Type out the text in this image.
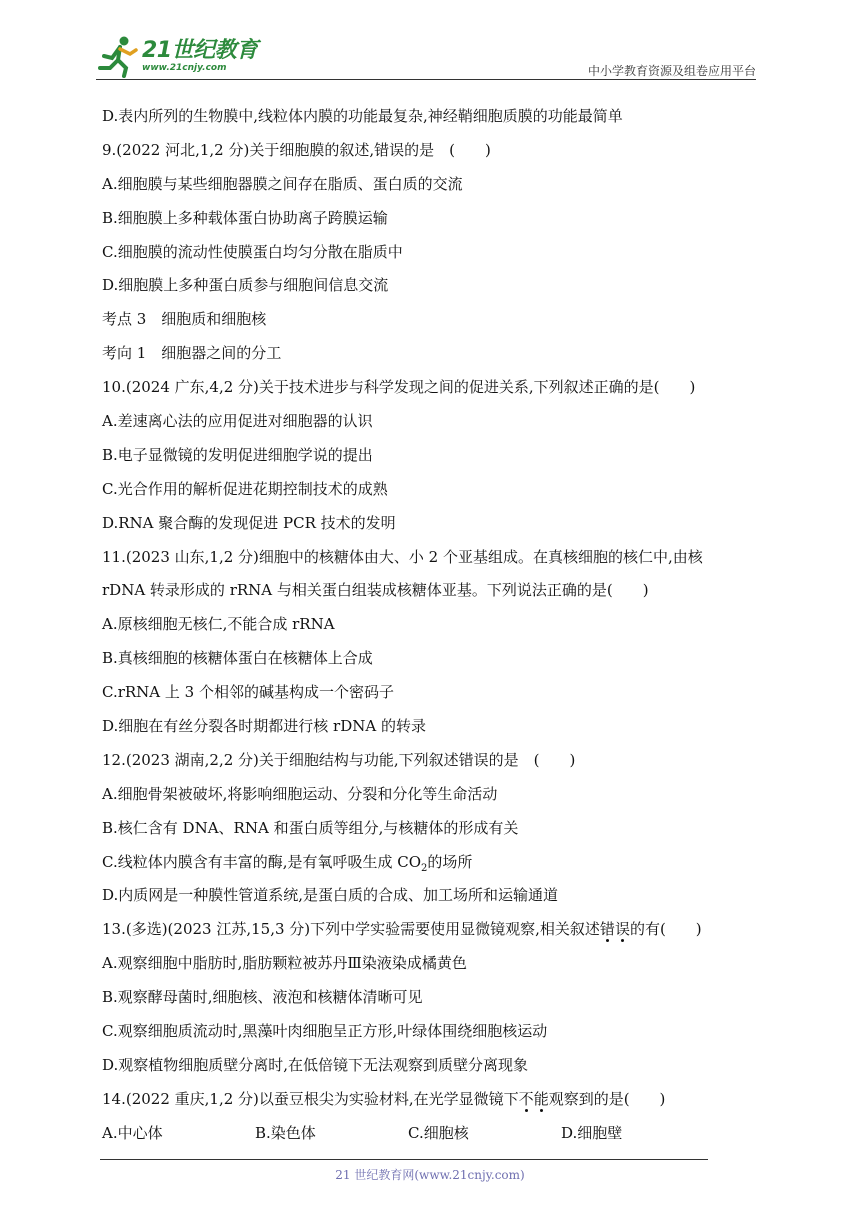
21世纪教育
www.21cnjy.com	中小学教育资源及组卷应用平台
D.表内所列的生物膜中,线粒体内膜的功能最复杂,神经鞘细胞质膜的功能最简单
9.(2022 河北,1,2 分)关于细胞膜的叙述,错误的是　(　　)
A.细胞膜与某些细胞器膜之间存在脂质、蛋白质的交流
B.细胞膜上多种载体蛋白协助离子跨膜运输
C.细胞膜的流动性使膜蛋白均匀分散在脂质中
D.细胞膜上多种蛋白质参与细胞间信息交流
考点 3　细胞质和细胞核
考向 1　细胞器之间的分工
10.(2024 广东,4,2 分)关于技术进步与科学发现之间的促进关系,下列叙述正确的是(　　)
A.差速离心法的应用促进对细胞器的认识
B.电子显微镜的发明促进细胞学说的提出
C.光合作用的解析促进花期控制技术的成熟
D.RNA 聚合酶的发现促进 PCR 技术的发明
11.(2023 山东,1,2 分)细胞中的核糖体由大、小 2 个亚基组成。在真核细胞的核仁中,由核
rDNA 转录形成的 rRNA 与相关蛋白组装成核糖体亚基。下列说法正确的是(　　)
A.原核细胞无核仁,不能合成 rRNA
B.真核细胞的核糖体蛋白在核糖体上合成
C.rRNA 上 3 个相邻的碱基构成一个密码子
D.细胞在有丝分裂各时期都进行核 rDNA 的转录
12.(2023 湖南,2,2 分)关于细胞结构与功能,下列叙述错误的是　(　　)
A.细胞骨架被破坏,将影响细胞运动、分裂和分化等生命活动
B.核仁含有 DNA、RNA 和蛋白质等组分,与核糖体的形成有关
C.线粒体内膜含有丰富的酶,是有氧呼吸生成 $CO_2$的场所
D.内质网是一种膜性管道系统,是蛋白质的合成、加工场所和运输通道
13.(多选)(2023 江苏,15,3 分)下列中学实验需要使用显微镜观察,相关叙述错误的有(　　)
A.观察细胞中脂肪时,脂肪颗粒被苏丹Ⅲ染液染成橘黄色
B.观察酵母菌时,细胞核、液泡和核糖体清晰可见
C.观察细胞质流动时,黑藻叶肉细胞呈正方形,叶绿体围绕细胞核运动
D.观察植物细胞质壁分离时,在低倍镜下无法观察到质壁分离现象
14.(2022 重庆,1,2 分)以蚕豆根尖为实验材料,在光学显微镜下不能观察到的是(　　)
A.中心体	B.染色体	C.细胞核	D.细胞壁
21 世纪教育网(www.21cnjy.com)
